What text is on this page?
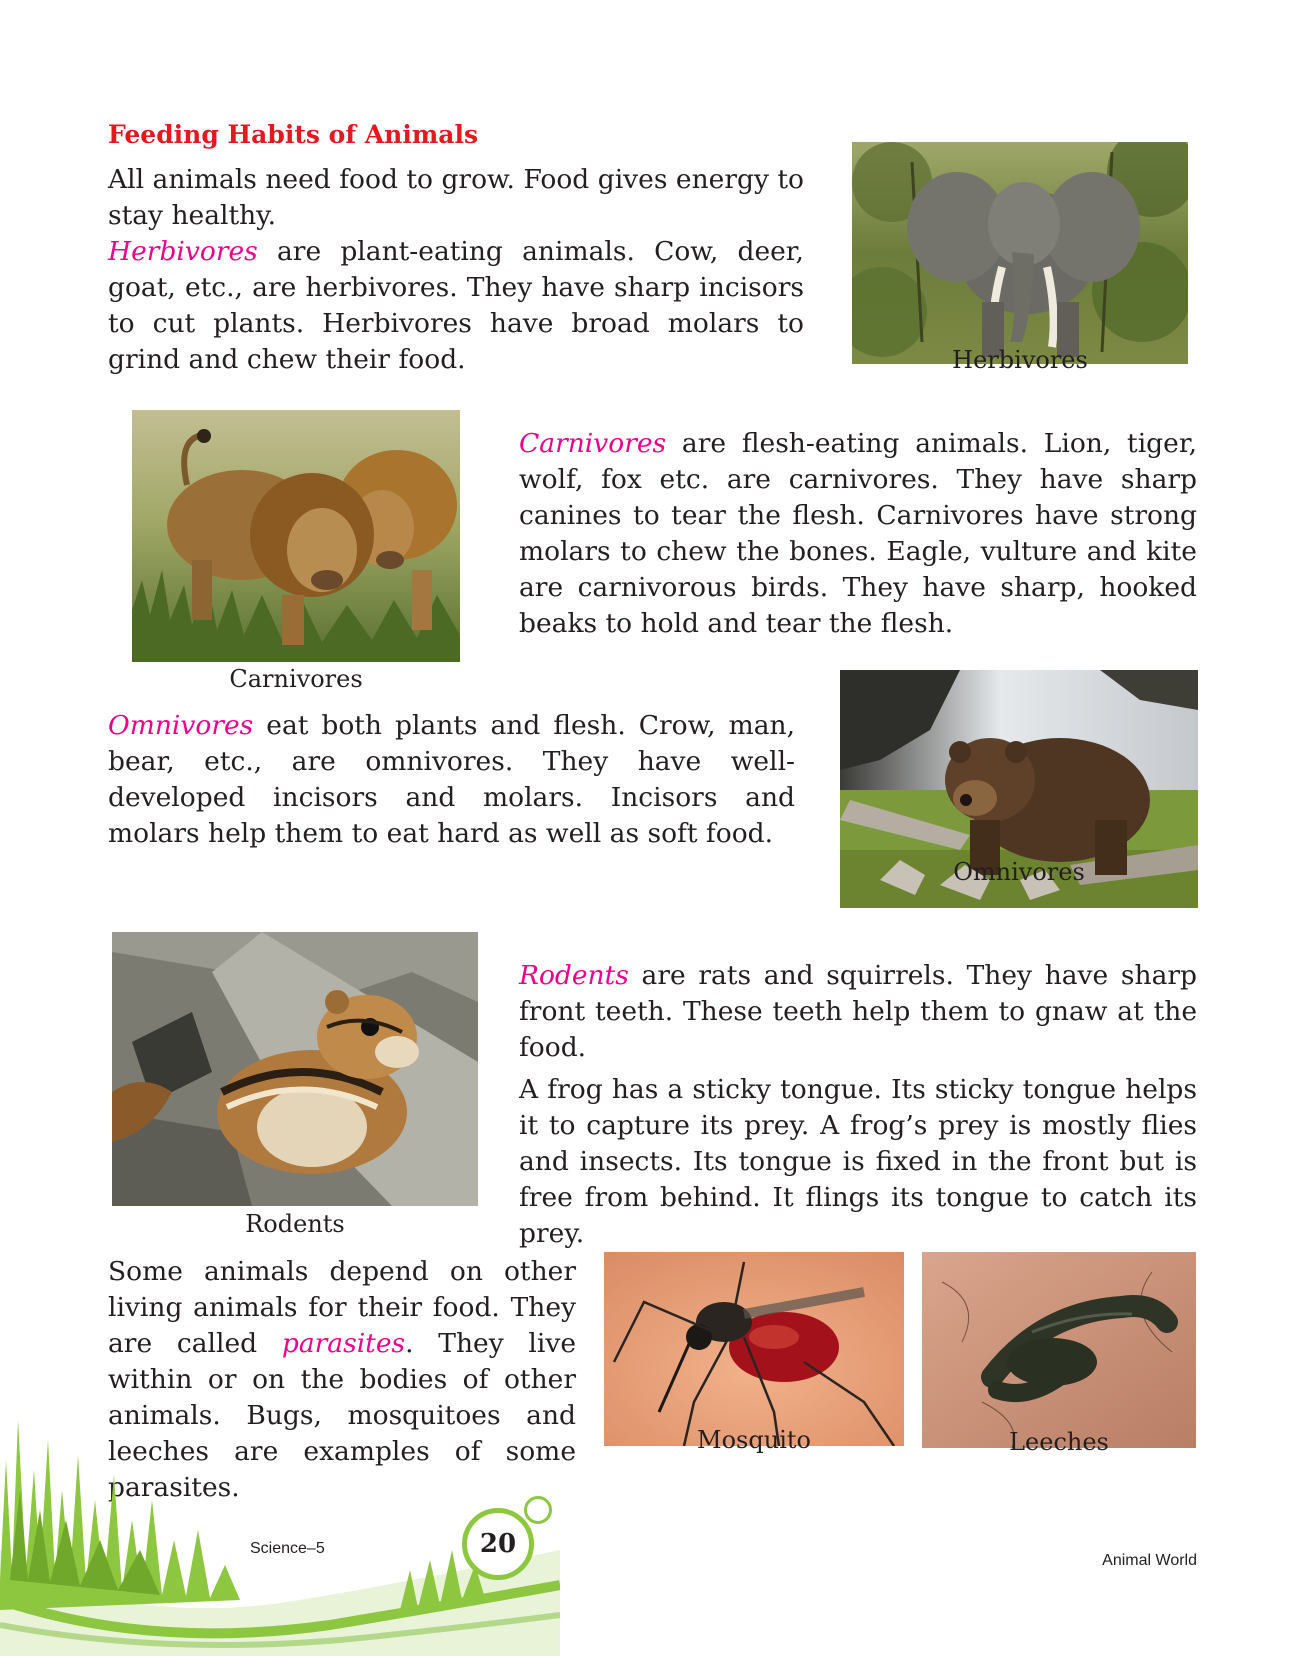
Feeding Habits of Animals

All animals need food to grow. Food gives energy to stay healthy.

Herbivores are plant-eating animals. Cow, deer, goat, etc., are herbivores. They have sharp incisors to cut plants. Herbivores have broad molars to grind and chew their food.	Herbivores

Carnivores are flesh-eating animals. Lion, tiger, wolf, fox etc. are carnivores. They have sharp canines to tear the flesh. Carnivores have strong molars to chew the bones. Eagle, vulture and kite are carnivorous birds. They have sharp, hooked beaks to hold and tear the flesh.

Carnivores

Omnivores eat both plants and flesh. Crow, man, bear, etc., are omnivores. They have well-developed incisors and molars. Incisors and molars help them to eat hard as well as soft food.

Omnivores

Rodents are rats and squirrels. They have sharp front teeth. These teeth help them to gnaw at the food.

A frog has a sticky tongue. Its sticky tongue helps it to capture its prey. A frog’s prey is mostly flies and insects. Its tongue is fixed in the front but is free from behind. It flings its tongue to catch its prey.

Rodents

Some animals depend on other living animals for their food. They are called parasites. They live within or on the bodies of other animals. Bugs, mosquitoes and leeches are examples of some parasites.

Mosquito	Leeches
Science–5	20
Animal World
